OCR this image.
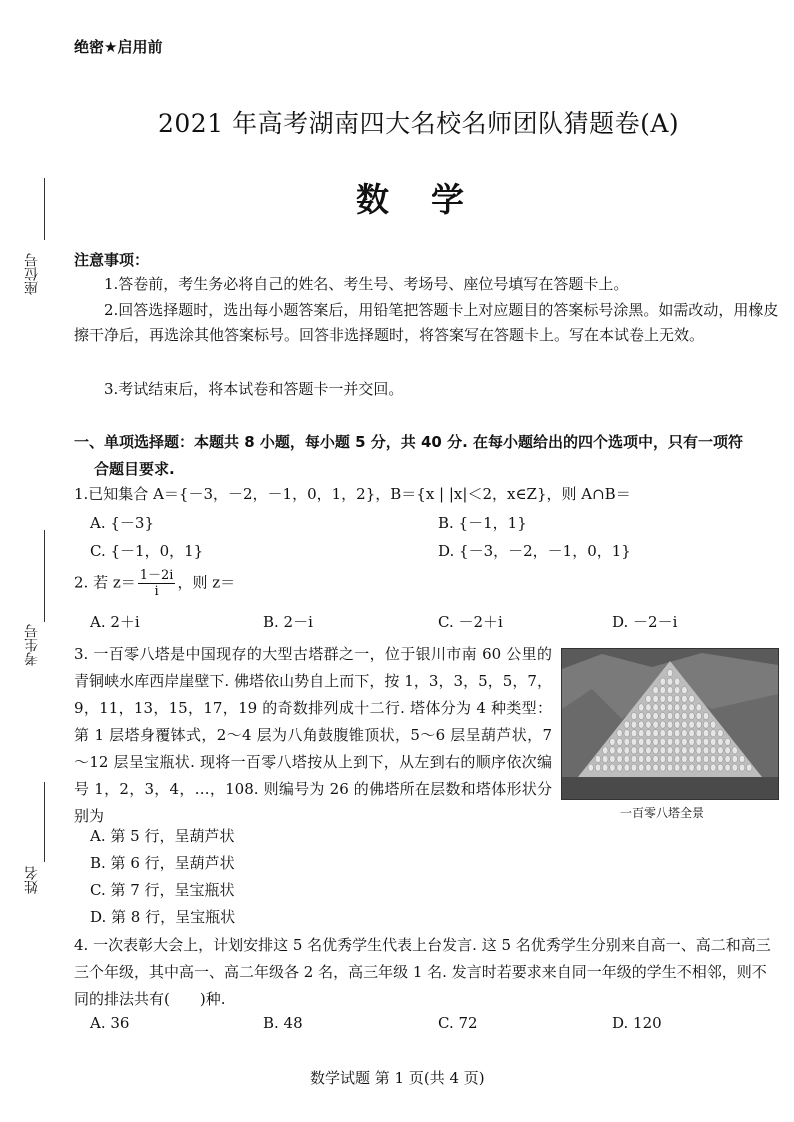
绝密★启用前
2021 年高考湖南四大名校名师团队猜题卷(A)
数学
座位号
考生号
姓名
注意事项：
1.答卷前，考生务必将自己的姓名、考生号、考场号、座位号填写在答题卡上。
2.回答选择题时，选出每小题答案后，用铅笔把答题卡上对应题目的答案标号涂黑。如需改动，用橡皮擦干净后，再选涂其他答案标号。回答非选择题时，将答案写在答题卡上。写在本试卷上无效。
3.考试结束后，将本试卷和答题卡一并交回。
一、单项选择题：本题共 8 小题，每小题 5 分，共 40 分. 在每小题给出的四个选项中，只有一项符
合题目要求.
1.已知集合 A＝{－3，－2，－1，0，1，2}，B＝{x | |x|＜2，x∈Z}，则 A∩B＝
A. {－3}	B. {－1，1}
C. {－1，0，1}	D. {－3，－2，－1，0，1}
2. 若 $z= \frac{1-2i}{i}$ ，则 z＝
A. 2＋i	B. 2－i	C. －2＋i	D. －2－i
3. 一百零八塔是中国现存的大型古塔群之一，位于银川市南 60 公里的青铜峡水库西岸崖壁下. 佛塔依山势自上而下，按 1，3，3，5，5，7，9，11，13，15，17，19 的奇数排列成十二行. 塔体分为 4 种类型：第 1 层塔身覆钵式，2～4 层为八角鼓腹锥顶状，5～6 层呈葫芦状，7～12 层呈宝瓶状. 现将一百零八塔按从上到下，从左到右的顺序依次编号 1，2，3，4，…，108. 则编号为 26 的佛塔所在层数和塔体形状分别为	一百零八塔全景
A. 第 5 行，呈葫芦状
B. 第 6 行，呈葫芦状
C. 第 7 行，呈宝瓶状
D. 第 8 行，呈宝瓶状
4. 一次表彰大会上，计划安排这 5 名优秀学生代表上台发言. 这 5 名优秀学生分别来自高一、高二和高三三个年级，其中高一、高二年级各 2 名，高三年级 1 名. 发言时若要求来自同一年级的学生不相邻，则不同的排法共有(　　)种.
A. 36	B. 48	C. 72	D. 120
数学试题 第 1 页(共 4 页)
